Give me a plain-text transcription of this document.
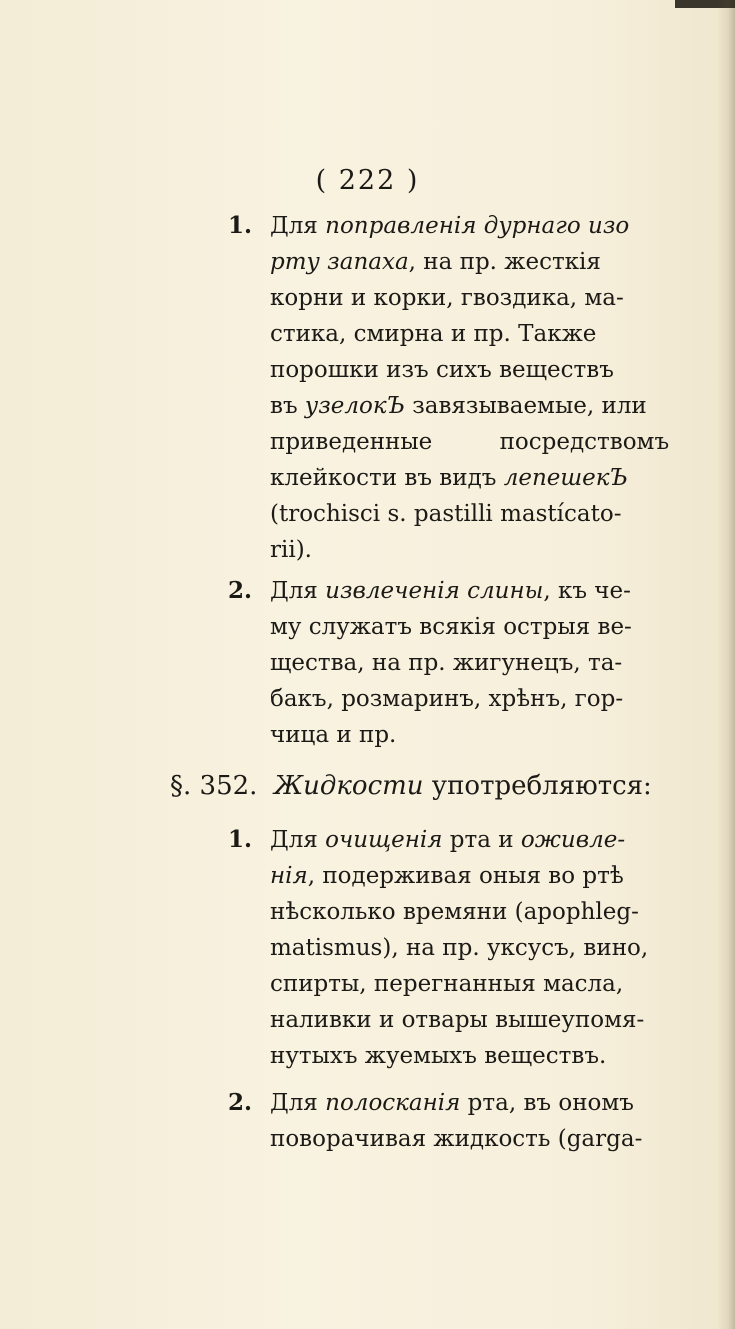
( 222 )
1. Для поправленiя дурнаго изо
рту запаха, на пр. жесткiя
корни и корки, гвоздика, ма-
стика, смирна и пр. Также
порошки изъ сихъ веществъ
въ узелокЪ завязываемые, или
приведенные посредствомъ
клейкости въ видъ лепешекЪ
(trochisci s. pastilli mastícato-
rii).
2. Для извлеченiя слины, къ че-
му служатъ всякiя острыя ве-
щества, на пр. жигунецъ, та-
бакъ, розмаринъ, хрѣнъ, гор-
чица и пр.
§. 352. Жидкости употребляются:
1. Для очищенiя рта и оживле-
нiя, подерживая оныя во ртѣ
нѣсколько времяни (apophleg-
matismus), на пр. уксусъ, вино,
спирты, перегнанныя масла,
наливки и отвары вышеупомя-
нутыхъ жуемыхъ веществъ.
2. Для полосканiя рта, въ ономъ
поворачивая жидкость (garga-
